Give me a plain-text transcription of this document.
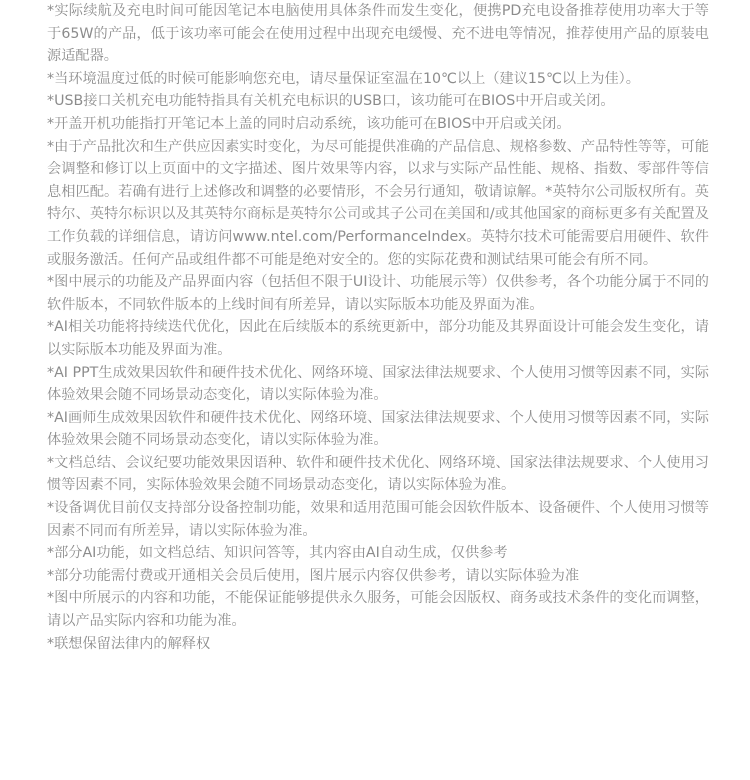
*实际续航及充电时间可能因笔记本电脑使用具体条件而发生变化，便携PD充电设备推荐使用功率大于等于65W的产品，低于该功率可能会在使用过程中出现充电缓慢、充不进电等情况，推荐使用产品的原装电源适配器。

*当环境温度过低的时候可能影响您充电，请尽量保证室温在10℃以上（建议15℃以上为佳）。

*USB接口关机充电功能特指具有关机充电标识的USB口，该功能可在BIOS中开启或关闭。

*开盖开机功能指打开笔记本上盖的同时启动系统，该功能可在BIOS中开启或关闭。

*由于产品批次和生产供应因素实时变化，为尽可能提供准确的产品信息、规格参数、产品特性等等，可能会调整和修订以上页面中的文字描述、图片效果等内容，以求与实际产品性能、规格、指数、零部件等信息相匹配。若确有进行上述修改和调整的必要情形，不会另行通知，敬请谅解。*英特尔公司版权所有。英特尔、英特尔标识以及其英特尔商标是英特尔公司或其子公司在美国和/或其他国家的商标更多有关配置及工作负载的详细信息，请访问www.ntel.com/PerformanceIndex。英特尔技术可能需要启用硬件、软件或服务激活。任何产品或组件都不可能是绝对安全的。您的实际花费和测试结果可能会有所不同。

*图中展示的功能及产品界面内容（包括但不限于UI设计、功能展示等）仅供参考，各个功能分属于不同的软件版本，不同软件版本的上线时间有所差异，请以实际版本功能及界面为准。

*AI相关功能将持续迭代优化，因此在后续版本的系统更新中，部分功能及其界面设计可能会发生变化，请以实际版本功能及界面为准。

*AI PPT生成效果因软件和硬件技术优化、网络环境、国家法律法规要求、个人使用习惯等因素不同，实际体验效果会随不同场景动态变化，请以实际体验为准。

*AI画师生成效果因软件和硬件技术优化、网络环境、国家法律法规要求、个人使用习惯等因素不同，实际体验效果会随不同场景动态变化，请以实际体验为准。

*文档总结、会议纪要功能效果因语种、软件和硬件技术优化、网络环境、国家法律法规要求、个人使用习惯等因素不同，实际体验效果会随不同场景动态变化，请以实际体验为准。

*设备调优目前仅支持部分设备控制功能，效果和适用范围可能会因软件版本、设备硬件、个人使用习惯等因素不同而有所差异，请以实际体验为准。

*部分AI功能，如文档总结、知识问答等，其内容由AI自动生成，仅供参考

*部分功能需付费或开通相关会员后使用，图片展示内容仅供参考，请以实际体验为准

*图中所展示的内容和功能，不能保证能够提供永久服务，可能会因版权、商务或技术条件的变化而调整，请以产品实际内容和功能为准。

*联想保留法律内的解释权
